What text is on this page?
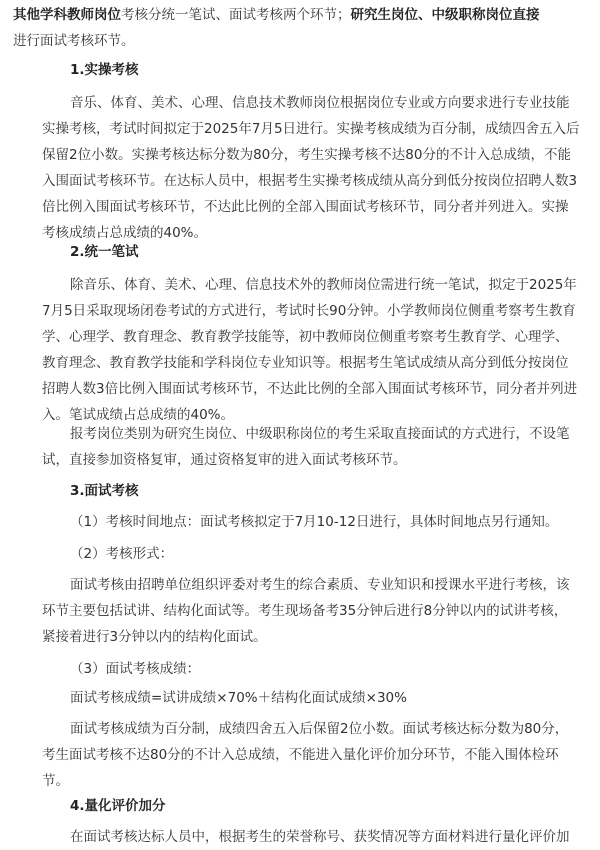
其他学科教师岗位考核分统一笔试、面试考核两个环节；研究生岗位、中级职称岗位直接
进行面试考核环节。

1.实操考核

音乐、体育、美术、心理、信息技术教师岗位根据岗位专业或方向要求进行专业技能
实操考核，考试时间拟定于2025年7月5日进行。实操考核成绩为百分制，成绩四舍五入后
保留2位小数。实操考核达标分数为80分，考生实操考核不达80分的不计入总成绩，不能
入围面试考核环节。在达标人员中，根据考生实操考核成绩从高分到低分按岗位招聘人数3
倍比例入围面试考核环节，不达此比例的全部入围面试考核环节，同分者并列进入。实操
考核成绩占总成绩的40%。

2.统一笔试

除音乐、体育、美术、心理、信息技术外的教师岗位需进行统一笔试，拟定于2025年
7月5日采取现场闭卷考试的方式进行，考试时长90分钟。小学教师岗位侧重考察考生教育
学、心理学、教育理念、教育教学技能等，初中教师岗位侧重考察考生教育学、心理学、
教育理念、教育教学技能和学科岗位专业知识等。根据考生笔试成绩从高分到低分按岗位
招聘人数3倍比例入围面试考核环节，不达此比例的全部入围面试考核环节，同分者并列进
入。笔试成绩占总成绩的40%。

报考岗位类别为研究生岗位、中级职称岗位的考生采取直接面试的方式进行，不设笔
试，直接参加资格复审，通过资格复审的进入面试考核环节。

3.面试考核

（1）考核时间地点：面试考核拟定于7月10-12日进行，具体时间地点另行通知。

（2）考核形式：

面试考核由招聘单位组织评委对考生的综合素质、专业知识和授课水平进行考核，该
环节主要包括试讲、结构化面试等。考生现场备考35分钟后进行8分钟以内的试讲考核，
紧接着进行3分钟以内的结构化面试。

（3）面试考核成绩：

面试考核成绩=试讲成绩×70%＋结构化面试成绩×30%

面试考核成绩为百分制，成绩四舍五入后保留2位小数。面试考核达标分数为80分，
考生面试考核不达80分的不计入总成绩，不能进入量化评价加分环节，不能入围体检环
节。

4.量化评价加分

在面试考核达标人员中，根据考生的荣誉称号、获奖情况等方面材料进行量化评价加
